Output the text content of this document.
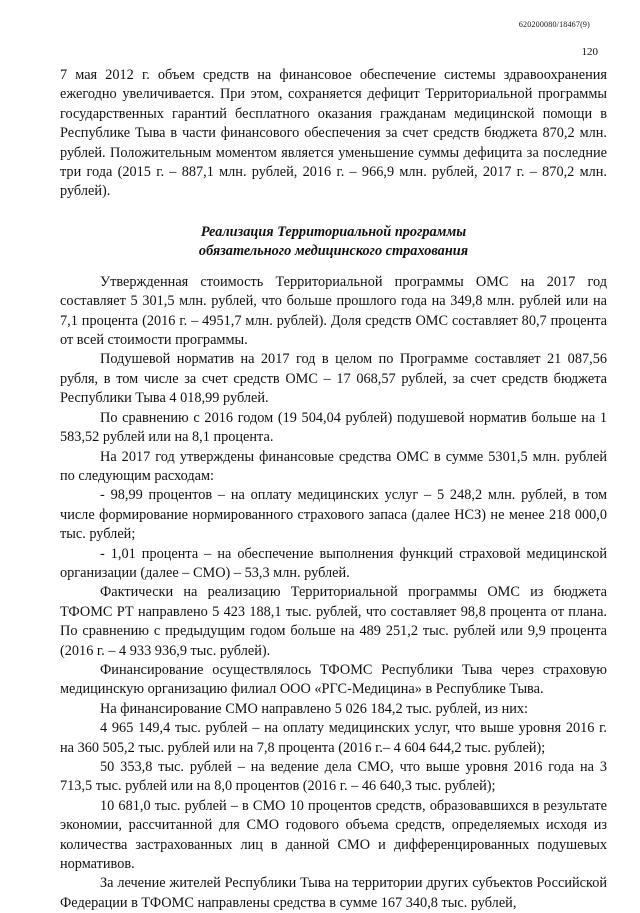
620200080/18467(9)
120

7 мая 2012 г. объем средств на финансовое обеспечение системы здравоохранения ежегодно увеличивается. При этом, сохраняется дефицит Территориальной программы государственных гарантий бесплатного оказания гражданам медицинской помощи в Республике Тыва в части финансового обеспечения за счет средств бюджета 870,2 млн. рублей. Положительным моментом является уменьшение суммы дефицита за последние три года (2015 г. – 887,1 млн. рублей, 2016 г. – 966,9 млн. рублей, 2017 г. – 870,2 млн. рублей).

Реализация Территориальной программы
обязательного медицинского страхования

Утвержденная стоимость Территориальной программы ОМС на 2017 год составляет 5 301,5 млн. рублей, что больше прошлого года на 349,8 млн. рублей или на 7,1 процента (2016 г. – 4951,7 млн. рублей). Доля средств ОМС составляет 80,7 процента от всей стоимости программы.

Подушевой норматив на 2017 год в целом по Программе составляет 21 087,56 рубля, в том числе за счет средств ОМС – 17 068,57 рублей, за счет средств бюджета Республики Тыва 4 018,99 рублей.

По сравнению с 2016 годом (19 504,04 рублей) подушевой норматив больше на 1 583,52 рублей или на 8,1 процента.

На 2017 год утверждены финансовые средства ОМС в сумме 5301,5 млн. рублей по следующим расходам:

- 98,99 процентов – на оплату медицинских услуг – 5 248,2 млн. рублей, в том числе формирование нормированного страхового запаса (далее НСЗ) не менее 218 000,0 тыс. рублей;

- 1,01 процента – на обеспечение выполнения функций страховой медицинской организации (далее – СМО) – 53,3 млн. рублей.

Фактически на реализацию Территориальной программы ОМС из бюджета ТФОМС РТ направлено 5 423 188,1 тыс. рублей, что составляет 98,8 процента от плана. По сравнению с предыдущим годом больше на 489 251,2 тыс. рублей или 9,9 процента (2016 г. – 4 933 936,9 тыс. рублей).

Финансирование осуществлялось ТФОМС Республики Тыва через страховую медицинскую организацию филиал ООО «РГС-Медицина» в Республике Тыва.

На финансирование СМО направлено 5 026 184,2 тыс. рублей, из них:

4 965 149,4 тыс. рублей – на оплату медицинских услуг, что выше уровня 2016 г. на 360 505,2 тыс. рублей или на 7,8 процента (2016 г.– 4 604 644,2 тыс. рублей);

50 353,8 тыс. рублей – на ведение дела СМО, что выше уровня 2016 года на 3 713,5 тыс. рублей или на 8,0 процентов (2016 г. – 46 640,3 тыс. рублей);

10 681,0 тыс. рублей – в СМО 10 процентов средств, образовавшихся в результате экономии, рассчитанной для СМО годового объема средств, определяемых исходя из количества застрахованных лиц в данной СМО и дифференцированных подушевых нормативов.

За лечение жителей Республики Тыва на территории других субъектов Российской Федерации в ТФОМС направлены средства в сумме 167 340,8 тыс. рублей,
